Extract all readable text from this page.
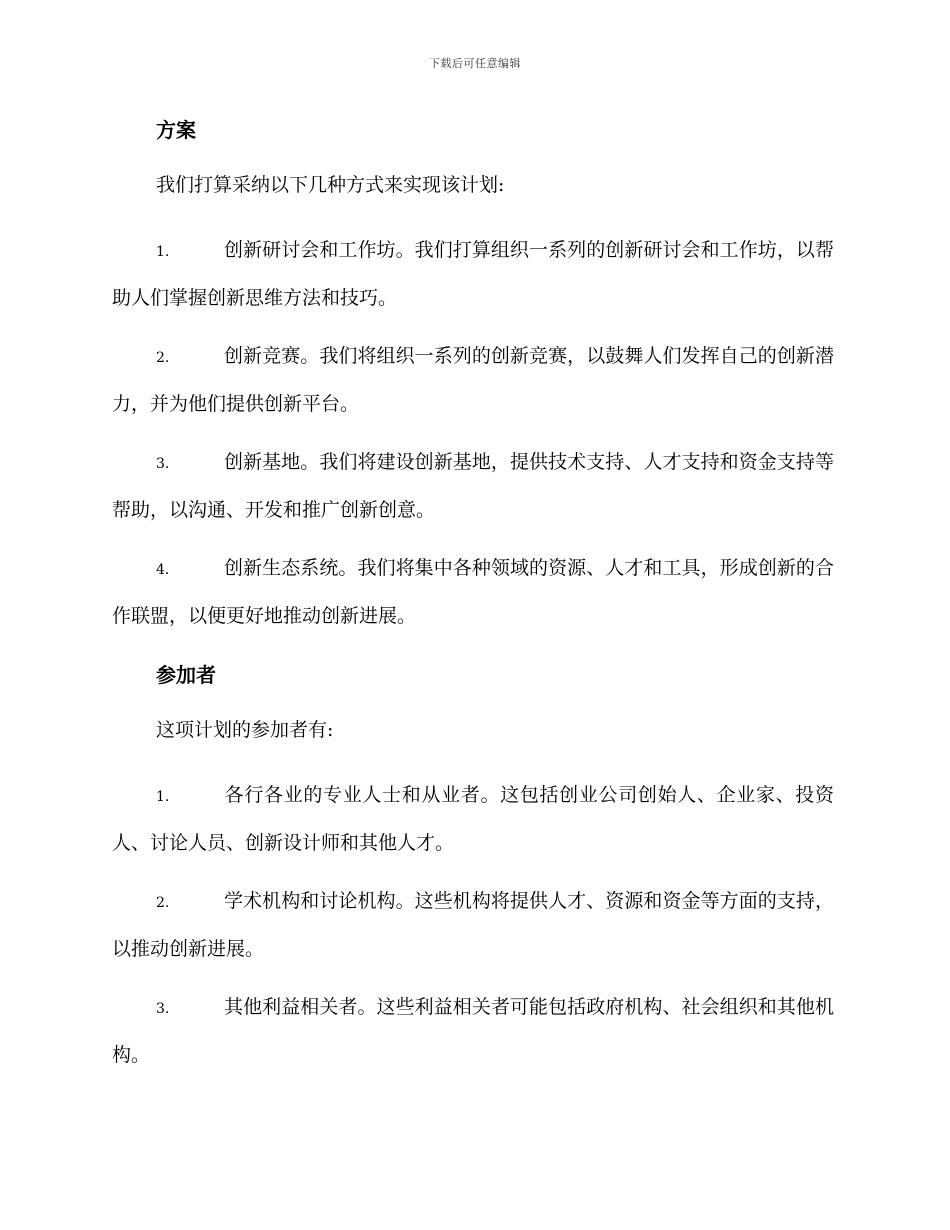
下载后可任意编辑
方案
我们打算采纳以下几种方式来实现该计划:
1.	创新研讨会和工作坊。我们打算组织一系列的创新研讨会和工作坊，以帮助人们掌握创新思维方法和技巧。
2.	创新竞赛。我们将组织一系列的创新竞赛，以鼓舞人们发挥自己的创新潜力，并为他们提供创新平台。
3.	创新基地。我们将建设创新基地，提供技术支持、人才支持和资金支持等帮助，以沟通、开发和推广创新创意。
4.	创新生态系统。我们将集中各种领域的资源、人才和工具，形成创新的合作联盟，以便更好地推动创新进展。
参加者
这项计划的参加者有:
1.	各行各业的专业人士和从业者。这包括创业公司创始人、企业家、投资人、讨论人员、创新设计师和其他人才。
2.	学术机构和讨论机构。这些机构将提供人才、资源和资金等方面的支持，以推动创新进展。
3.	其他利益相关者。这些利益相关者可能包括政府机构、社会组织和其他机构。
